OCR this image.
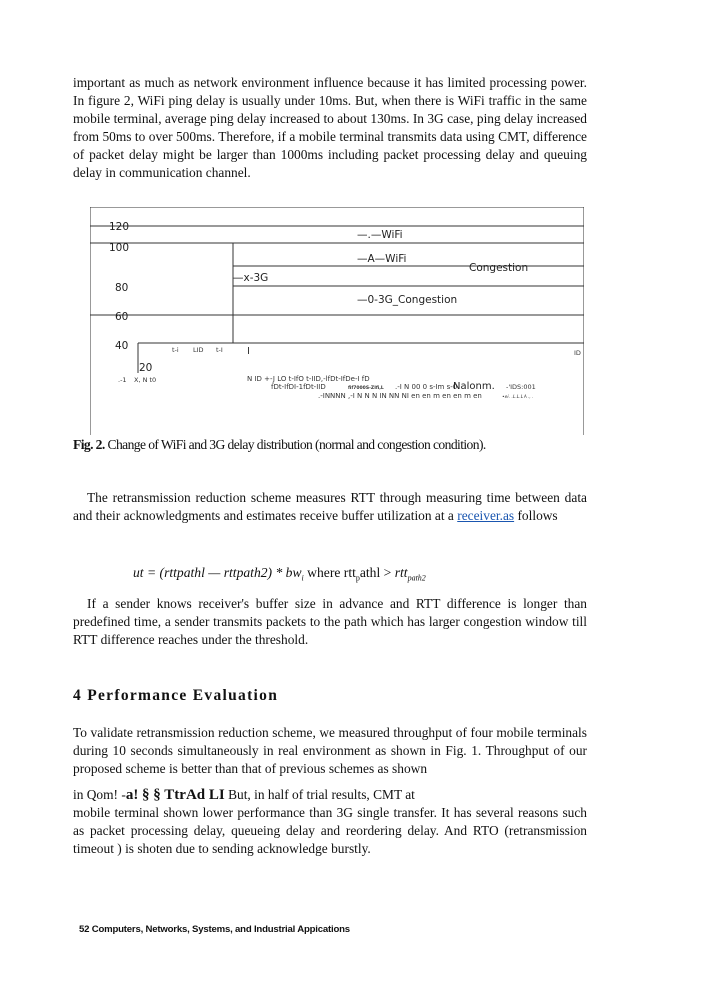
important as much as network environment influence because it has limited processing power. In figure 2, WiFi ping delay is usually under 10ms. But, when there is WiFi traffic in the same mobile terminal, average ping delay increased to about 130ms. In 3G case, ping delay increased from 50ms to over 500ms. Therefore, if a mobile terminal transmits data using CMT, difference of packet delay might be larger than 1000ms including packet processing delay and queuing delay in communication channel.

120
100
80
60
40
20
—.—WiFi
—A—WiFi
Congestion
—x-3G
—0-3G_Congestion
t-i LID t-I I	ID
.-1 X, N t0	N ID +-J LO t-IfO t-IID,-lfDt-IfDe-I fD
fDt-IfDI-1fDt-IID	fif7000S-ZIfi,L .-I N 00 0 s-Im s-0
Nalonm. -'IDS:001
.-INNNN ,-I N N N IN NN NI en en m en en m en	•ei. .L.L.L A ., .
Fig. 2. Change of WiFi and 3G delay distribution (normal and congestion condition).

The retransmission reduction scheme measures RTT through measuring time between data and their acknowledgments and estimates receive buffer utilization at a receiver.as follows

ut = (rttpathl — rttpath2) * $bw_i$ where rtt$_p$athl > rtt$_{path2}$

If a sender knows receiver's buffer size in advance and RTT difference is longer than predefined time, a sender transmits packets to the path which has larger congestion window till RTT difference reaches under the threshold.

4 Performance Evaluation

To validate retransmission reduction scheme, we measured throughput of four mobile terminals during 10 seconds simultaneously in real environment as shown in Fig. 1. Throughput of our proposed scheme is better than that of previous schemes as shown

in Qom! -a! § § TtrAd LI But, in half of trial results, CMT at

mobile terminal shown lower performance than 3G single transfer. It has several reasons such as packet processing delay, queueing delay and reordering delay. And RTO (retransmission timeout ) is shoten due to sending acknowledge burstly.

52 Computers, Networks, Systems, and Industrial Appications
